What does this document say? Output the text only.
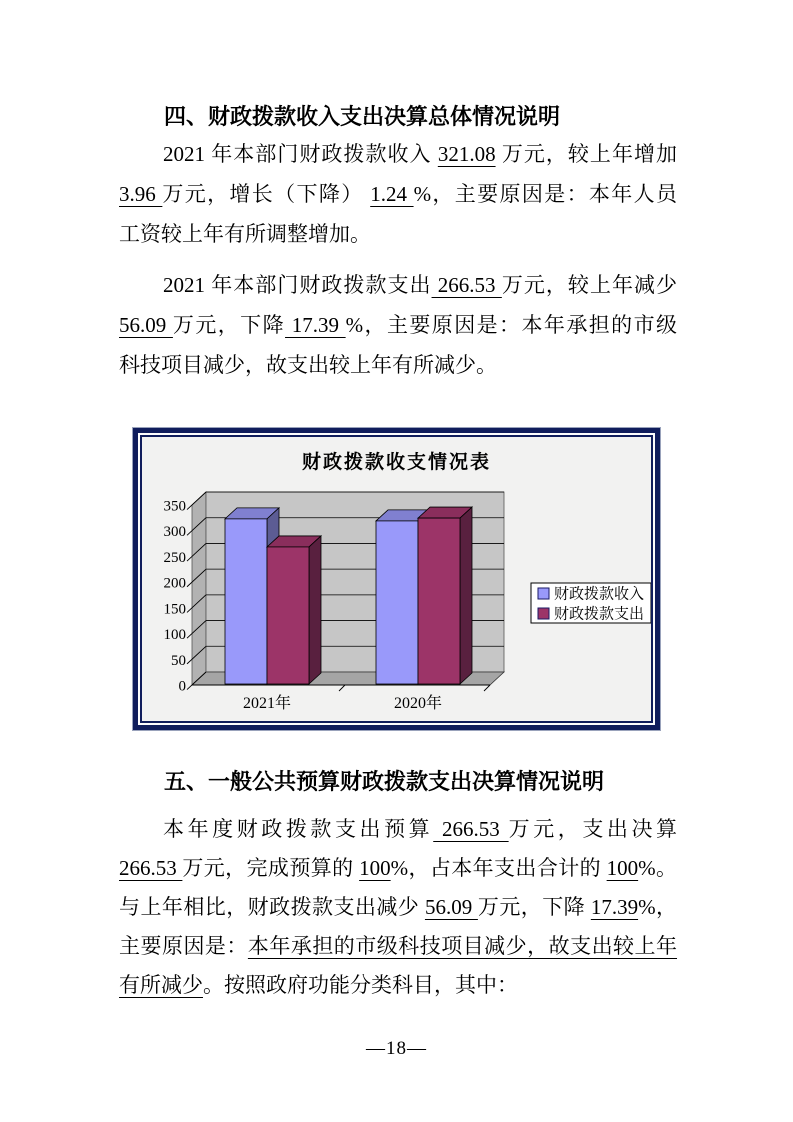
四、财政拨款收入支出决算总体情况说明
2021 年本部门财政拨款收入 321.08 万元，较上年增加
3.96 万元，增长（下降） 1.24 %，主要原因是：本年人员
工资较上年有所调整增加。
2021 年本部门财政拨款支出 266.53 万元，较上年减少
56.09 万元，下降 17.39 %，主要原因是：本年承担的市级
科技项目减少，故支出较上年有所减少。
财政拨款收支情况表
0
50
100
150
200
250
300
350
2021年	2020年
财政拨款收入
财政拨款支出
五、一般公共预算财政拨款支出决算情况说明
本年度财政拨款支出预算 266.53 万元，支出决算
266.53 万元，完成预算的 100%，占本年支出合计的 100%。
与上年相比，财政拨款支出减少 56.09 万元，下降 17.39%，
主要原因是：本年承担的市级科技项目减少，故支出较上年
有所减少。按照政府功能分类科目，其中：
—18—
